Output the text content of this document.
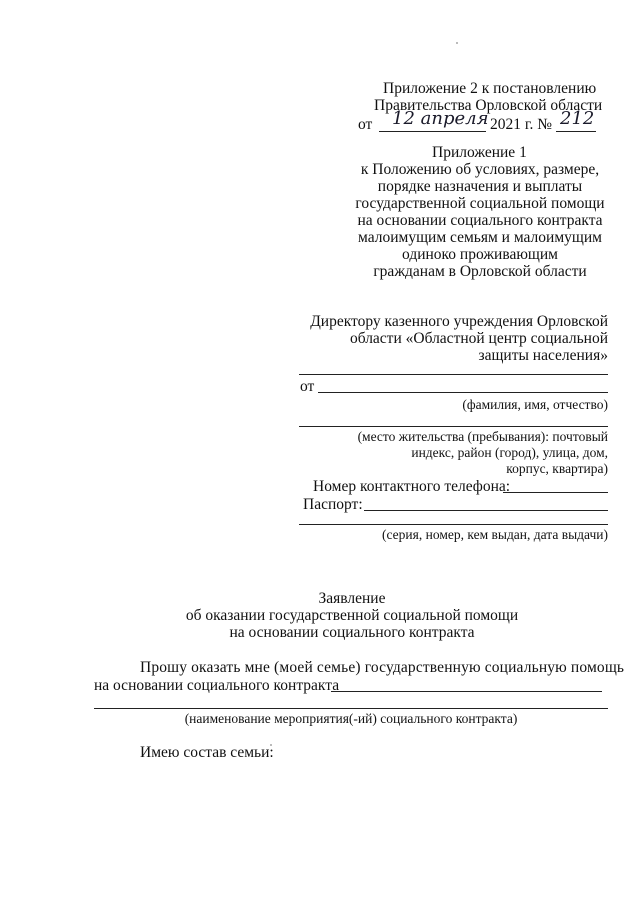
Приложение 2 к постановлению
Правительства Орловской области
от 12 апреля 2021 г. № 212
Приложение 1
к Положению об условиях, размере,
порядке назначения и выплаты
государственной социальной помощи
на основании социального контракта
малоимущим семьям и малоимущим
одиноко проживающим
гражданам в Орловской области
Директору казенного учреждения Орловской
области «Областной центр социальной
защиты населения»
от
(фамилия, имя, отчество)
(место жительства (пребывания): почтовый
индекс, район (город), улица, дом,
корпус, квартира)
Номер контактного телефона:
Паспорт:
(серия, номер, кем выдан, дата выдачи)
Заявление
об оказании государственной социальной помощи
на основании социального контракта
Прошу оказать мне (моей семье) государственную социальную помощь
на основании социального контракта
(наименование мероприятия(-ий) социального контракта)
Имею состав семьи:
